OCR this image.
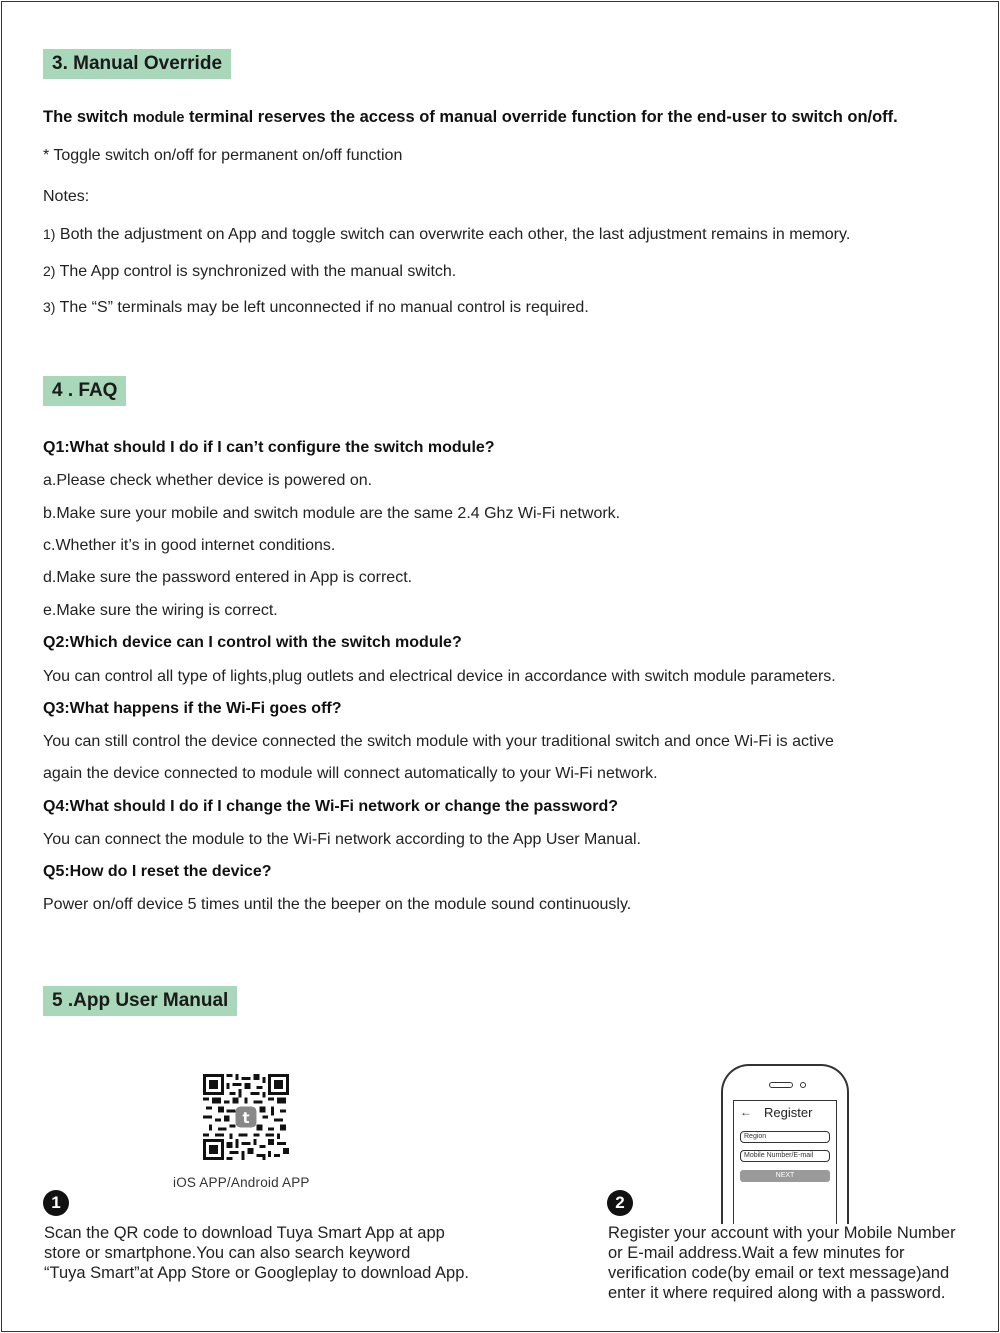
3. Manual Override
The switch module terminal reserves the access of manual override function for the end-user to switch on/off.
* Toggle switch on/off for permanent on/off function
Notes:
1) Both the adjustment on App and toggle switch can overwrite each other, the last adjustment remains in memory.
2) The App control is synchronized with the manual switch.
3) The “S” terminals may be left unconnected if no manual control is required.
4 . FAQ
Q1:What should I do if I can’t configure the switch module?
a.Please check whether device is powered on.
b.Make sure your mobile and switch module are the same 2.4 Ghz Wi-Fi network.
c.Whether it’s in good internet conditions.
d.Make sure the password entered in App is correct.
e.Make sure the wiring is correct.
Q2:Which device can I control with the switch module?
You can control all type of lights,plug outlets and electrical device in accordance with switch module parameters.
Q3:What happens if the Wi-Fi goes off?
You can still control the device connected the switch module with your traditional switch and once Wi-Fi is active
again the device connected to module will connect automatically to your Wi-Fi network.
Q4:What should I do if I change the Wi-Fi network or change the password?
You can connect the module to the Wi-Fi network according to the App User Manual.
Q5:How do I reset the device?
Power on/off device 5 times until the the beeper on the module sound continuously.
5 .App User Manual
t
iOS APP/Android APP
1
Scan the QR code to download Tuya Smart App at app
store or smartphone.You can also search keyword
“Tuya Smart”at App Store or Googleplay to download App.
← Register
Region
Mobile Number/E-mail
NEXT
2
Register your account with your Mobile Number
or E-mail address.Wait a few minutes for
verification code(by email or text message)and
enter it where required along with a password.
